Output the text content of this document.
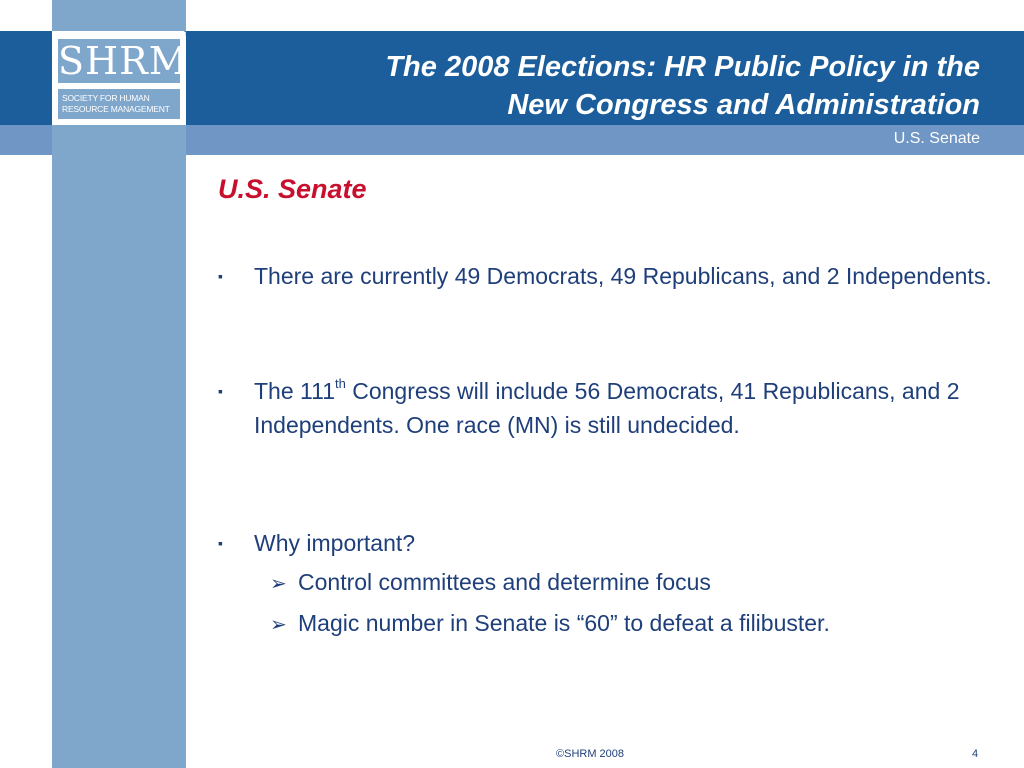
SHRM
TM
SOCIETY FOR HUMAN
RESOURCE MANAGEMENT
The 2008 Elections: HR Public Policy in the
New Congress and Administration
U.S. Senate
U.S. Senate
▪ There are currently 49 Democrats, 49 Republicans, and 2 Independents.
▪ The 111th Congress will include 56 Democrats, 41 Republicans, and 2 Independents. One race (MN) is still undecided.
▪ Why important?
➢ Control committees and determine focus
➢ Magic number in Senate is “60” to defeat a filibuster.
©SHRM 2008	4
